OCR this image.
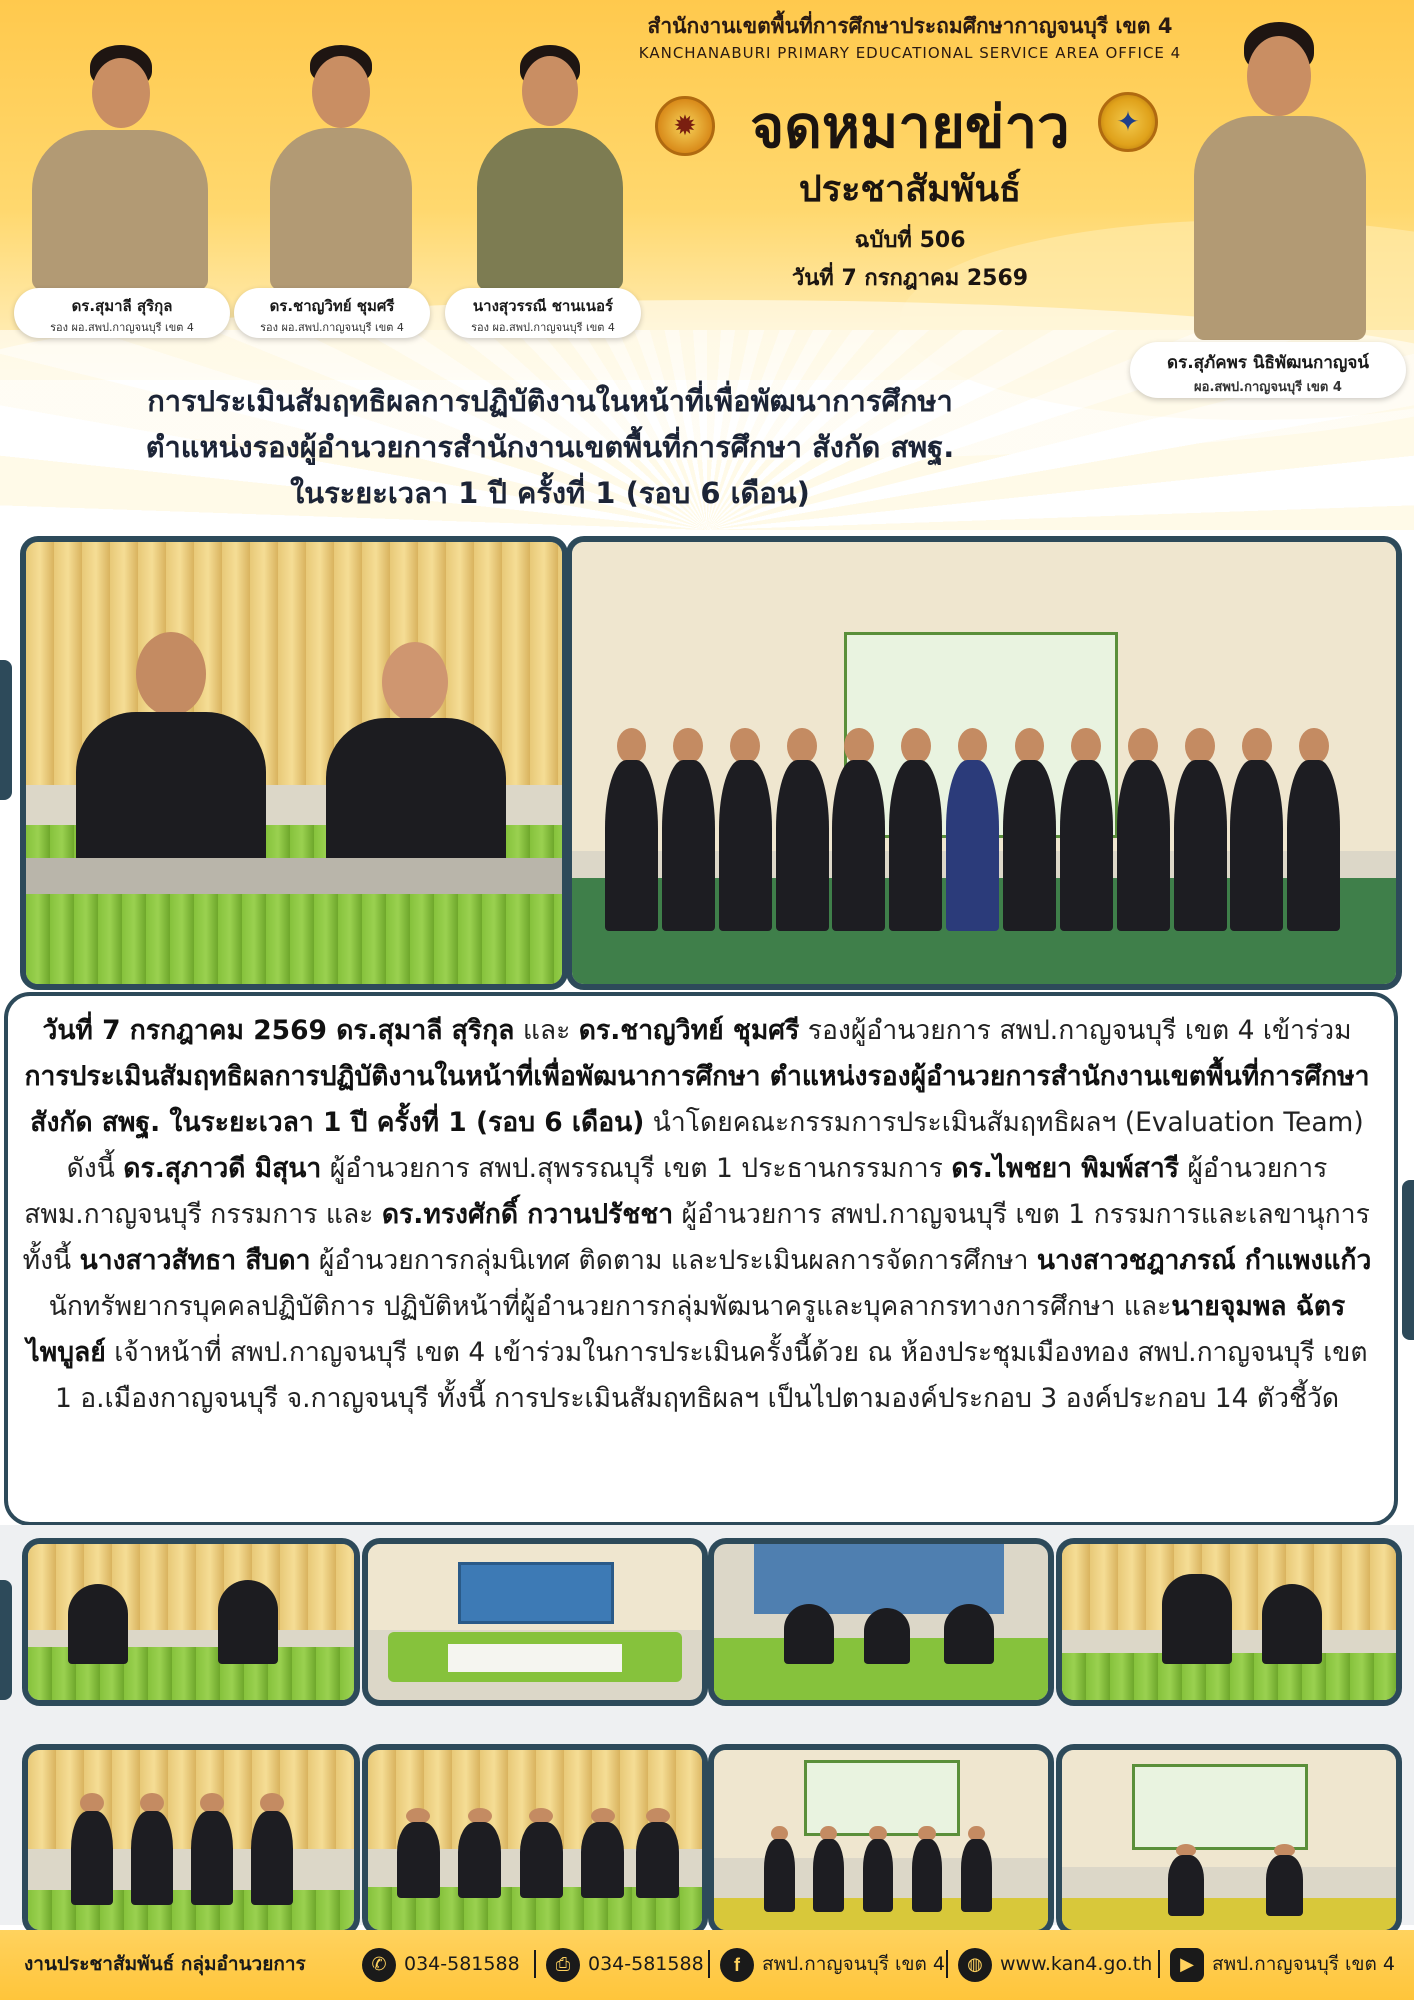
สำนักงานเขตพื้นที่การศึกษาประถมศึกษากาญจนบุรี เขต 4
KANCHANABURI PRIMARY EDUCATIONAL SERVICE AREA OFFICE 4
✹	✦
จดหมายข่าว
ประชาสัมพันธ์
ฉบับที่ 506
วันที่ 7 กรกฎาคม 2569
ดร.สุมาลี สุริกุล
รอง ผอ.สพป.กาญจนบุรี เขต 4
ดร.ชาญวิทย์ ชุมศรี
รอง ผอ.สพป.กาญจนบุรี เขต 4
นางสุวรรณี ชานเนอร์
รอง ผอ.สพป.กาญจนบุรี เขต 4
ดร.สุภัคพร นิธิพัฒนกาญจน์
ผอ.สพป.กาญจนบุรี เขต 4
การประเมินสัมฤทธิผลการปฏิบัติงานในหน้าที่เพื่อพัฒนาการศึกษา
ตำแหน่งรองผู้อำนวยการสำนักงานเขตพื้นที่การศึกษา สังกัด สพฐ.
ในระยะเวลา 1 ปี ครั้งที่ 1 (รอบ 6 เดือน)
วันที่ 7 กรกฎาคม 2569 ดร.สุมาลี สุริกุล และ ดร.ชาญวิทย์ ชุมศรี รองผู้อำนวยการ สพป.กาญจนบุรี เขต 4 เข้าร่วมการประเมินสัมฤทธิผลการปฏิบัติงานในหน้าที่เพื่อพัฒนาการศึกษา ตำแหน่งรองผู้อำนวยการสำนักงานเขตพื้นที่การศึกษา สังกัด สพฐ. ในระยะเวลา 1 ปี ครั้งที่ 1 (รอบ 6 เดือน) นำโดยคณะกรรมการประเมินสัมฤทธิผลฯ (Evaluation Team) ดังนี้ ดร.สุภาวดี มิสุนา ผู้อำนวยการ สพป.สุพรรณบุรี เขต 1 ประธานกรรมการ ดร.ไพชยา พิมพ์สารี ผู้อำนวยการ สพม.กาญจนบุรี กรรมการ และ ดร.ทรงศักดิ์ กวานปรัชชา ผู้อำนวยการ สพป.กาญจนบุรี เขต 1 กรรมการและเลขานุการ ทั้งนี้ นางสาวสัทธา สืบดา ผู้อำนวยการกลุ่มนิเทศ ติดตาม และประเมินผลการจัดการศึกษา นางสาวชฎาภรณ์ กำแพงแก้ว นักทรัพยากรบุคคลปฏิบัติการ ปฏิบัติหน้าที่ผู้อำนวยการกลุ่มพัฒนาครูและบุคลากรทางการศึกษา และนายจุมพล ฉัตรไพบูลย์ เจ้าหน้าที่ สพป.กาญจนบุรี เขต 4 เข้าร่วมในการประเมินครั้งนี้ด้วย ณ ห้องประชุมเมืองทอง สพป.กาญจนบุรี เขต 1 อ.เมืองกาญจนบุรี จ.กาญจนบุรี ทั้งนี้ การประเมินสัมฤทธิผลฯ เป็นไปตามองค์ประกอบ 3 องค์ประกอบ 14 ตัวชี้วัด
งานประชาสัมพันธ์ กลุ่มอำนวยการ	✆ 034-581588	⎙ 034-581588	f สพป.กาญจนบุรี เขต 4	◍ www.kan4.go.th	▶ สพป.กาญจนบุรี เขต 4
